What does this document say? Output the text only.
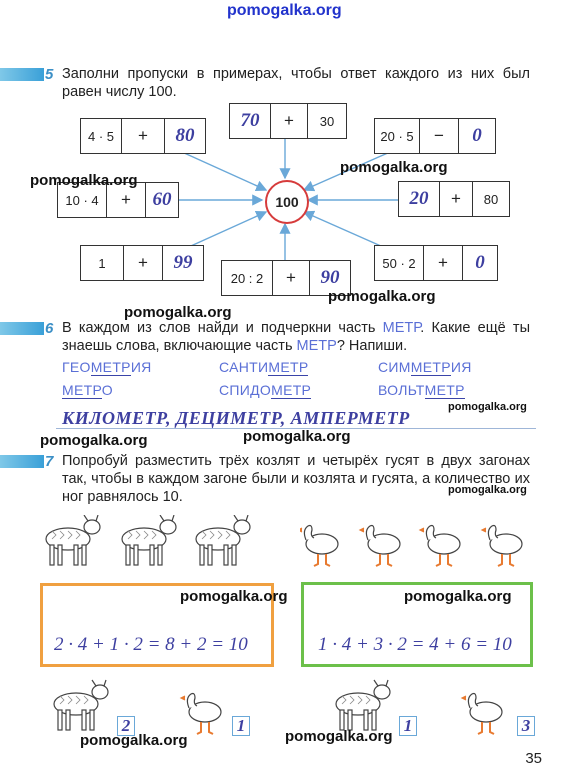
pomogalka.org
5 Заполни пропуски в примерах, чтобы ответ каждого из них был равен числу 100.
100
4 · 5	+	80
70	+	30
20 · 5	−	0
10 · 4	+	60	20	+	80
1	+	99
20 : 2	+	90
50 · 2	+	0
pomogalka.org
pomogalka.org
pomogalka.org
pomogalka.org
6 В каждом из слов найди и подчеркни часть МЕТР. Какие ещё ты знаешь слова, включающие часть МЕТР? Напиши.
ГЕОМЕТРИЯ	САНТИМЕТР	СИММЕТРИЯ
МЕТРО	СПИДОМЕТР	ВОЛЬТМЕТР
КИЛОМЕТР, ДЕЦИМЕТР, АМПЕРМЕТР
pomogalka.org
pomogalka.org	pomogalka.org
7 Попробуй разместить трёх козлят и четырёх гусят в двух загонах так, чтобы в каждом загоне были и козлята и гусята, а количество их ног равнялось 10.	pomogalka.org
2 · 4 + 1 · 2 = 8 + 2 = 10	1 · 4 + 3 · 2 = 4 + 6 = 10
pomogalka.org	pomogalka.org
2	1	1	3
pomogalka.org	pomogalka.org
35
